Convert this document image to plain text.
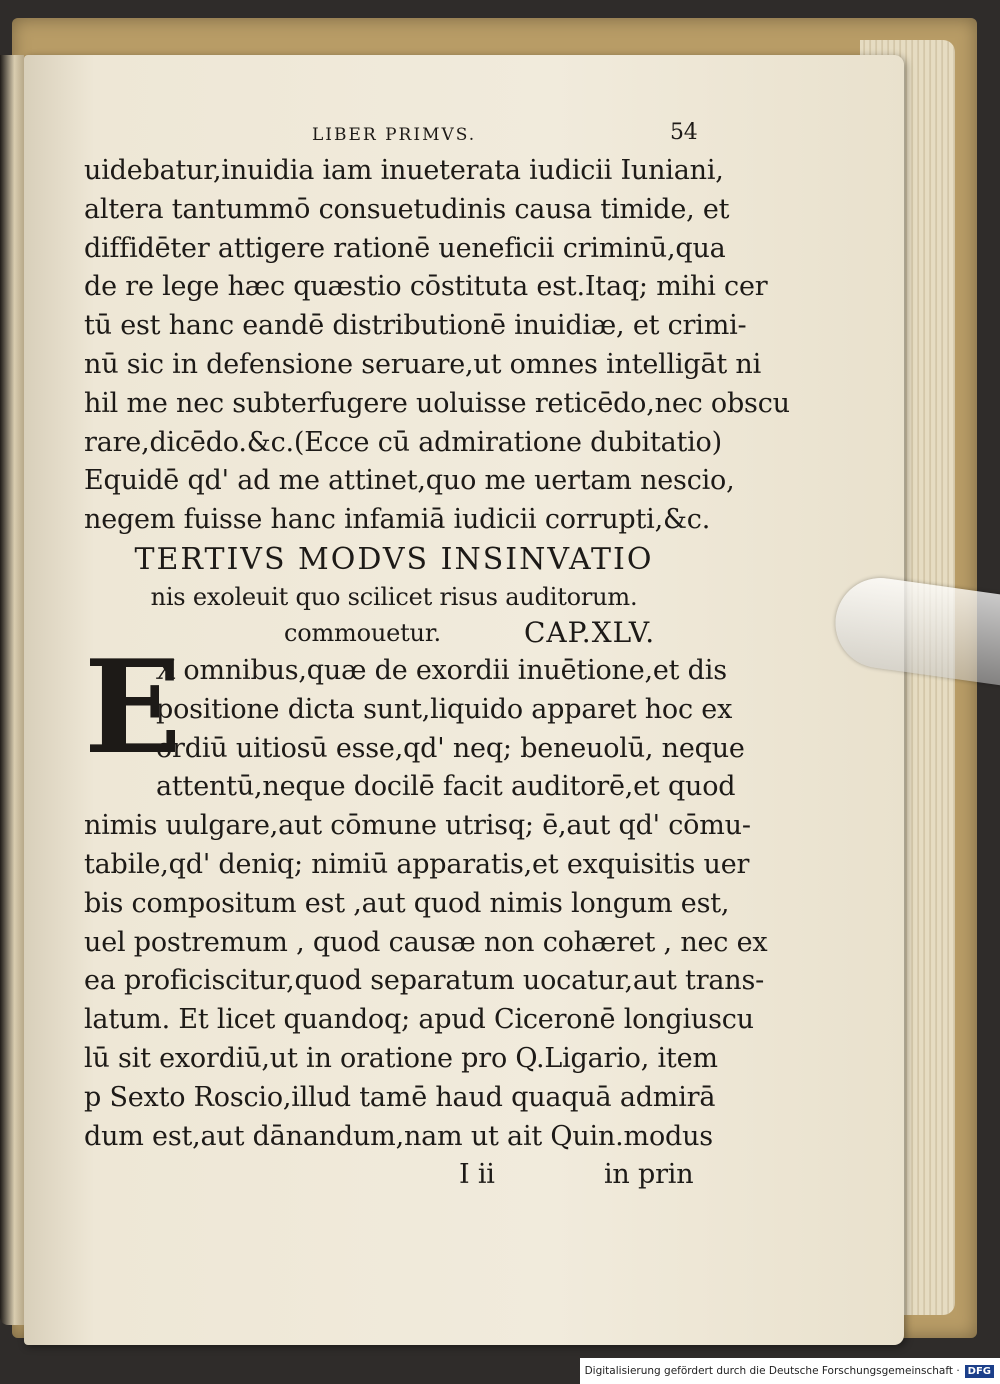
LIBER PRIMVS.	54
uidebatur,inuidia iam inueterata iudicii Iuniani,
altera tantummō consuetudinis causa timide, et
diffidēter attigere rationē ueneficii criminū,qua
de re lege hæc quæstio cōstituta est.Itaq; mihi cer
tū est hanc eandē distributionē inuidiæ, et crimi-
nū sic in defensione seruare,ut omnes intelligāt ni
hil me nec subterfugere uoluisse reticēdo,nec obscu
rare,dicēdo.&c.(Ecce cū admiratione dubitatio)
Equidē qd' ad me attinet,quo me uertam nescio,
negem fuisse hanc infamiā iudicii corrupti,&c.
TERTIVS MODVS INSINVATIO
nis exoleuit quo scilicet risus auditorum.
commouetur.	CAP.XLV.
E
X omnibus,quæ de exordii inuētione,et dis
positione dicta sunt,liquido apparet hoc ex
ordiū uitiosū esse,qd' neq; beneuolū, neque
attentū,neque docilē facit auditorē,et quod
nimis uulgare,aut cōmune utrisq; ē,aut qd' cōmu-
tabile,qd' deniq; nimiū apparatis,et exquisitis uer
bis compositum est ,aut quod nimis longum est,
uel postremum , quod causæ non cohæret , nec ex
ea proficiscitur,quod separatum uocatur,aut trans-
latum. Et licet quandoq; apud Ciceronē longiuscu
lū sit exordiū,ut in oratione pro Q.Ligario, item
p Sexto Roscio,illud tamē haud quaquā admirā
dum est,aut dānandum,nam ut ait Quin.modus
I ii	in prin
Digitalisierung gefördert durch die Deutsche Forschungsgemeinschaft · DFG
